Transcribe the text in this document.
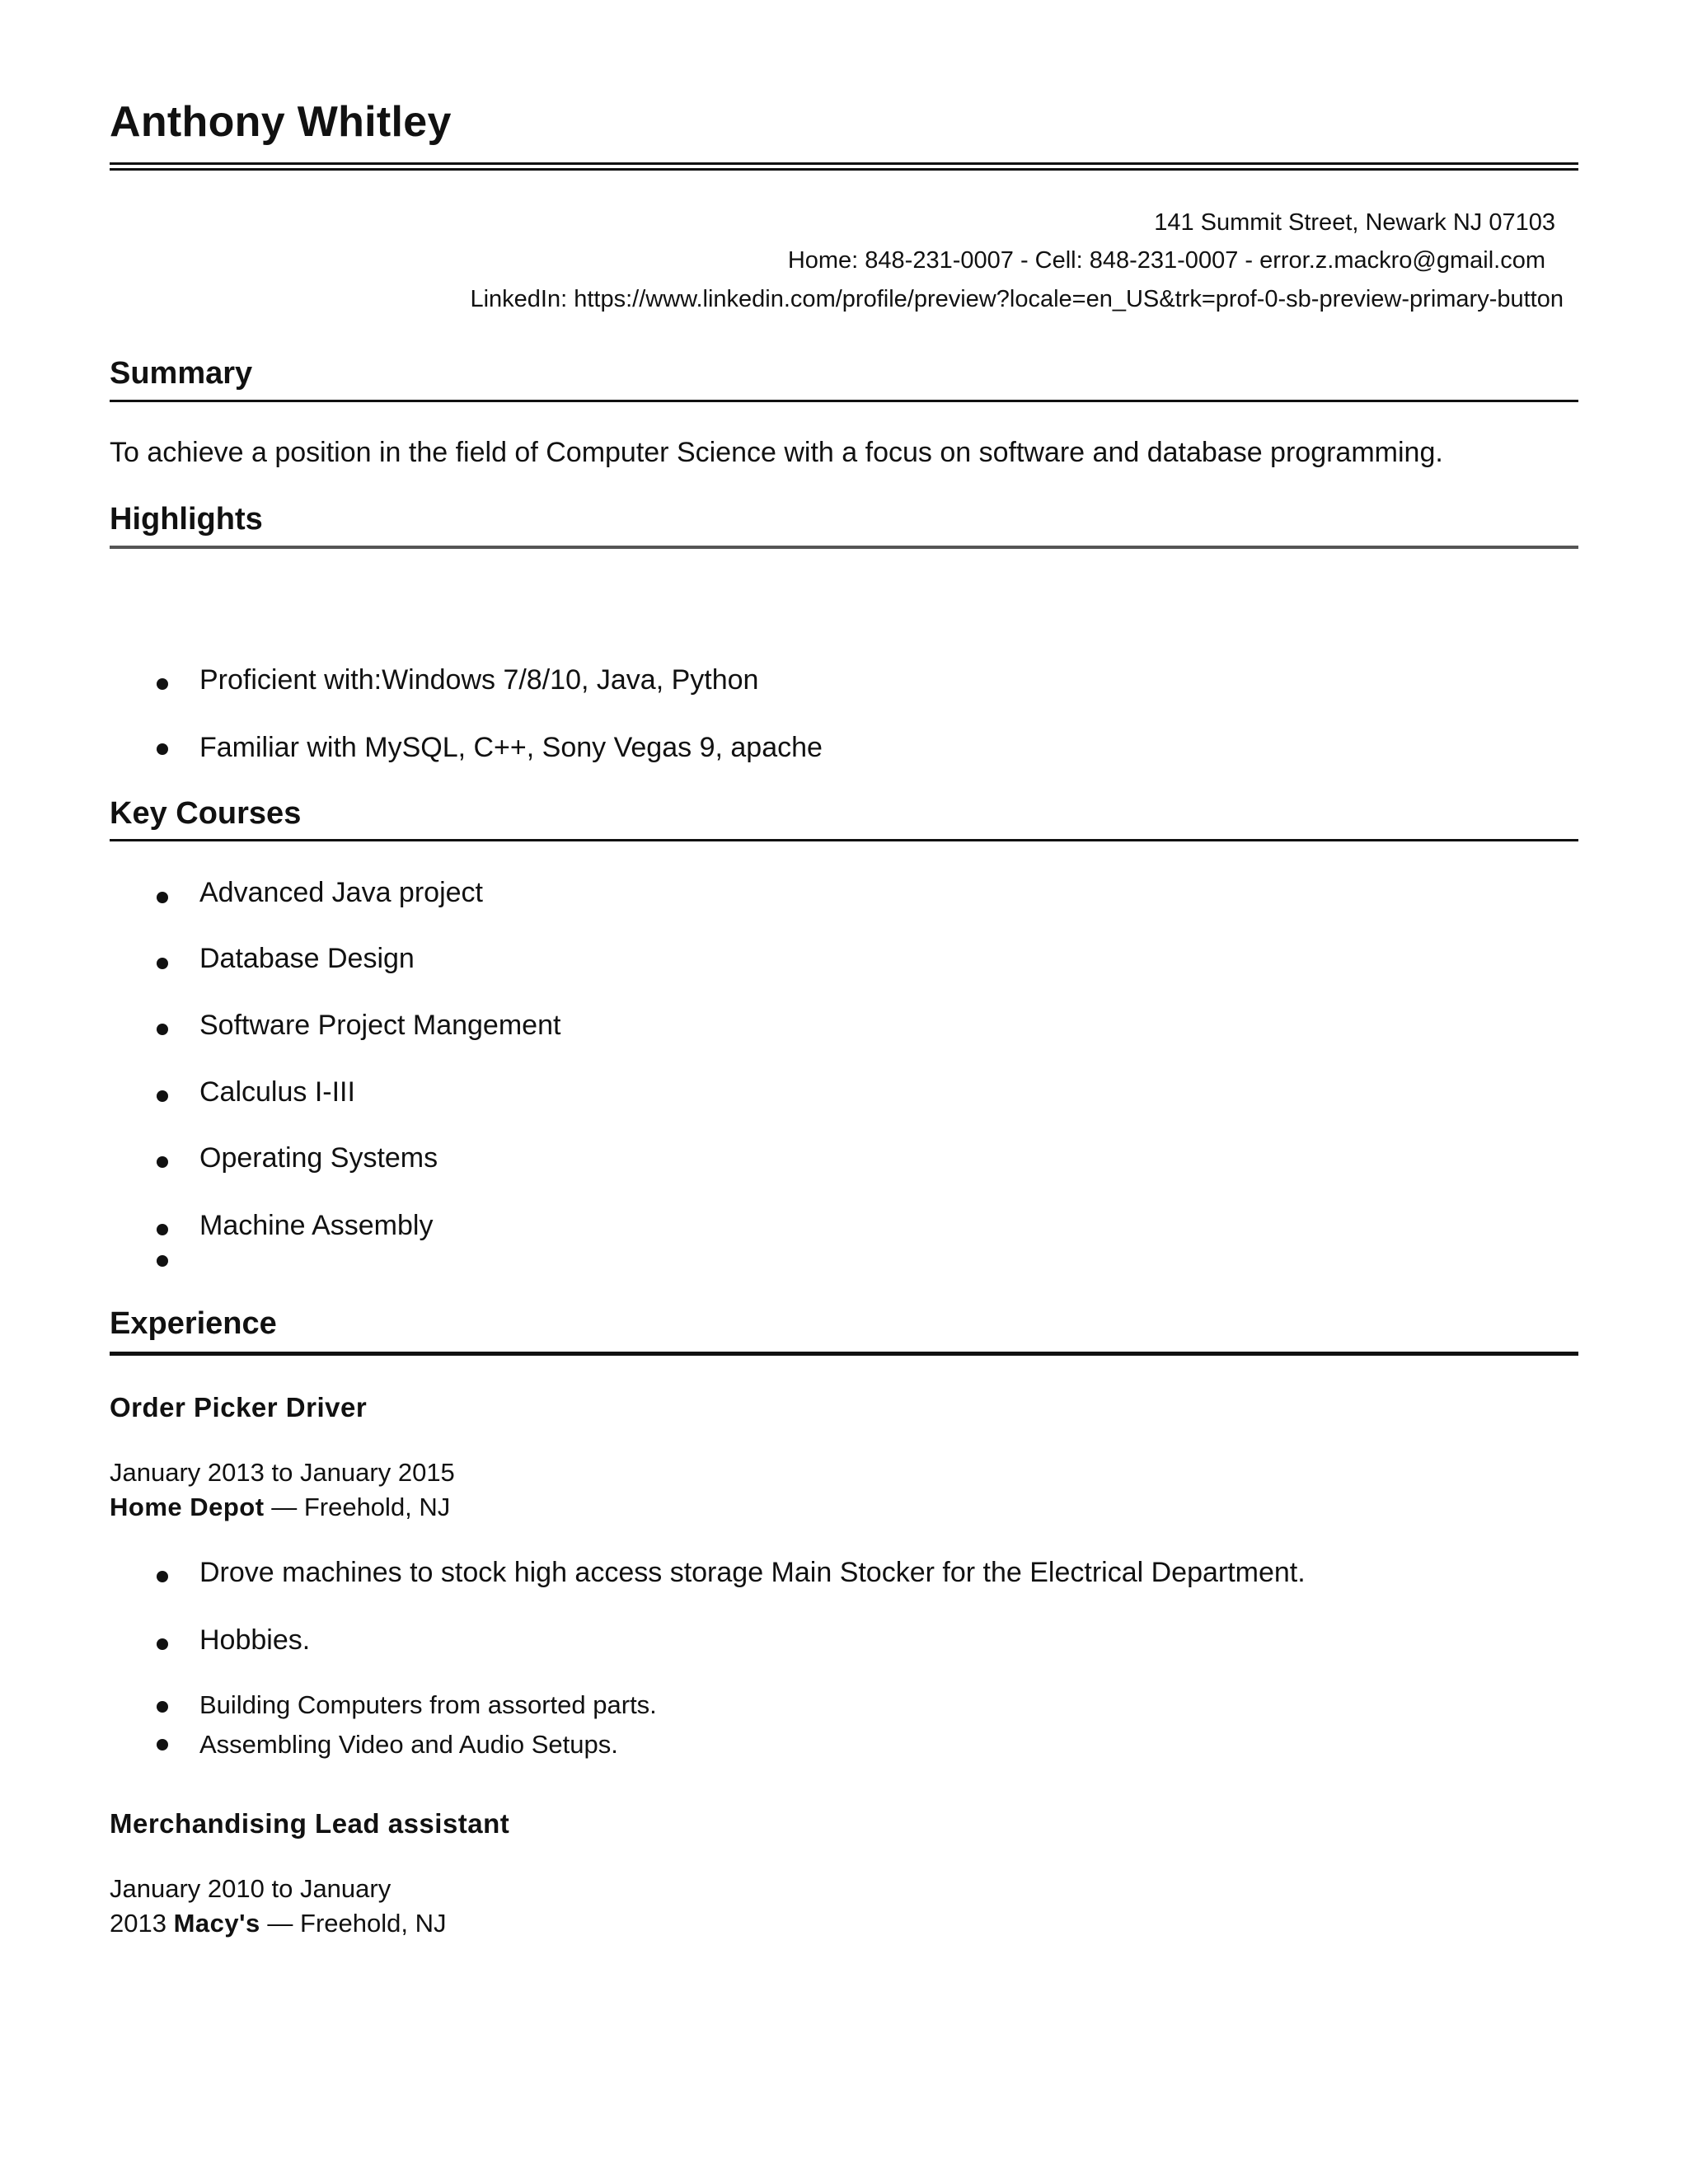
Anthony Whitley
141 Summit Street, Newark NJ 07103
Home: 848-231-0007 - Cell: 848-231-0007 - error.z.mackro@gmail.com
LinkedIn: https://www.linkedin.com/profile/preview?locale=en_US&trk=prof-0-sb-preview-primary-button
Summary
To achieve a position in the field of Computer Science with a focus on software and database programming.
Highlights
Proficient with:Windows 7/8/10, Java, Python
Familiar with MySQL, C++, Sony Vegas 9, apache
Key Courses
Advanced Java project
Database Design
Software Project Mangement
Calculus I-III
Operating Systems
Machine Assembly
Experience
Order Picker Driver
January 2013 to January 2015
Home Depot — Freehold, NJ
Drove machines to stock high access storage Main Stocker for the Electrical Department.
Hobbies.
Building Computers from assorted parts.
Assembling Video and Audio Setups.
Merchandising Lead assistant
January 2010 to January
2013 Macy's — Freehold, NJ
